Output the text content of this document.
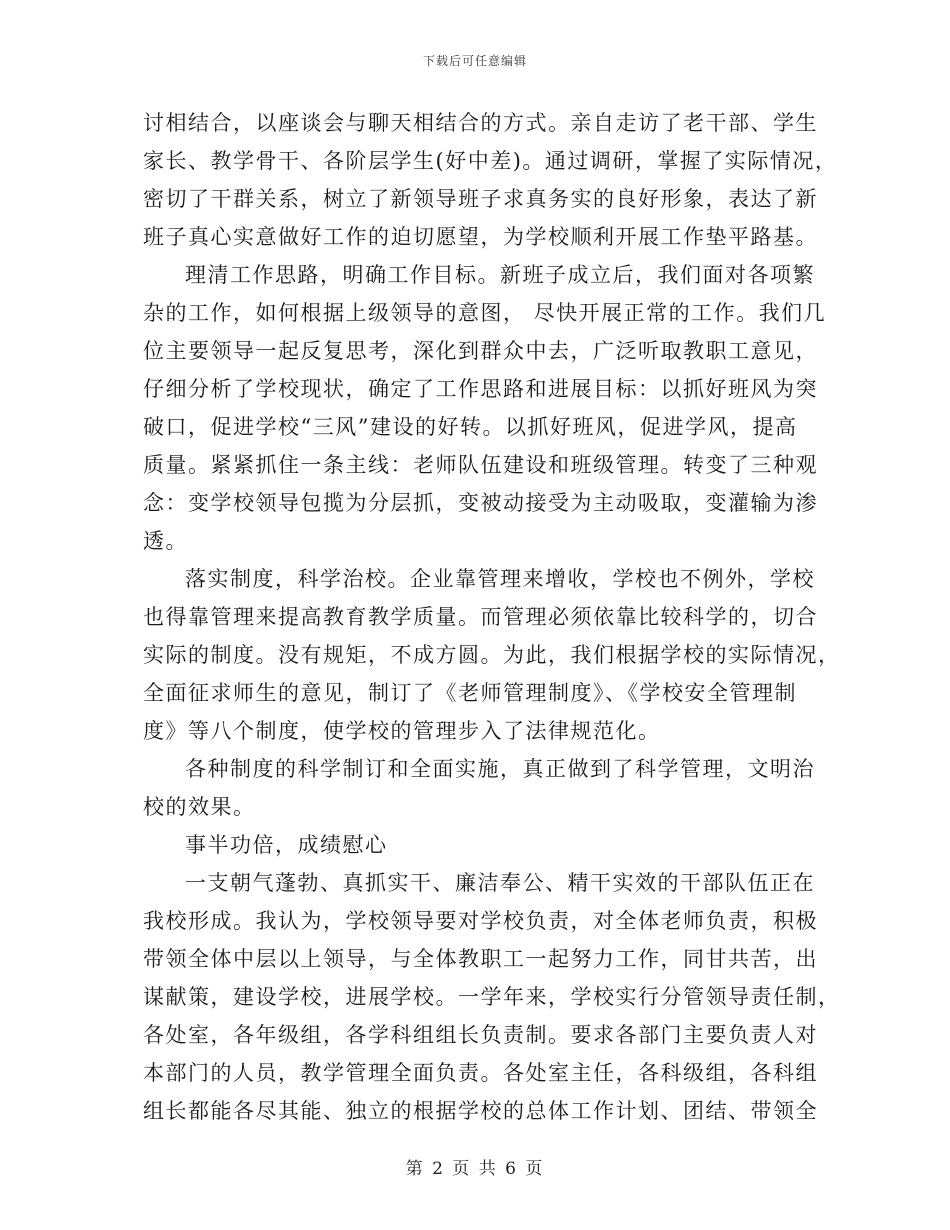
下载后可任意编辑
讨相结合，以座谈会与聊天相结合的方式。亲自走访了老干部、学生
家长、教学骨干、各阶层学生(好中差)。通过调研，掌握了实际情况，
密切了干群关系，树立了新领导班子求真务实的良好形象，表达了新
班子真心实意做好工作的迫切愿望，为学校顺利开展工作垫平路基。
理清工作思路，明确工作目标。新班子成立后，我们面对各项繁
杂的工作，如何根据上级领导的意图， 尽快开展正常的工作。我们几
位主要领导一起反复思考，深化到群众中去，广泛听取教职工意见，
仔细分析了学校现状，确定了工作思路和进展目标：以抓好班风为突
破口，促进学校“三风”建设的好转。以抓好班风，促进学风，提高
质量。紧紧抓住一条主线：老师队伍建设和班级管理。转变了三种观
念：变学校领导包揽为分层抓，变被动接受为主动吸取，变灌输为渗
透。
落实制度，科学治校。企业靠管理来增收，学校也不例外，学校
也得靠管理来提高教育教学质量。而管理必须依靠比较科学的，切合
实际的制度。没有规矩，不成方圆。为此，我们根据学校的实际情况，
全面征求师生的意见，制订了《老师管理制度》、《学校安全管理制
度》等八个制度，使学校的管理步入了法律规范化。
各种制度的科学制订和全面实施，真正做到了科学管理，文明治
校的效果。
事半功倍，成绩慰心
一支朝气蓬勃、真抓实干、廉洁奉公、精干实效的干部队伍正在
我校形成。我认为，学校领导要对学校负责，对全体老师负责，积极
带领全体中层以上领导，与全体教职工一起努力工作，同甘共苦，出
谋献策，建设学校，进展学校。一学年来，学校实行分管领导责任制，
各处室，各年级组，各学科组组长负责制。要求各部门主要负责人对
本部门的人员，教学管理全面负责。各处室主任，各科级组，各科组
组长都能各尽其能、独立的根据学校的总体工作计划、团结、带领全
第 2 页 共 6 页
